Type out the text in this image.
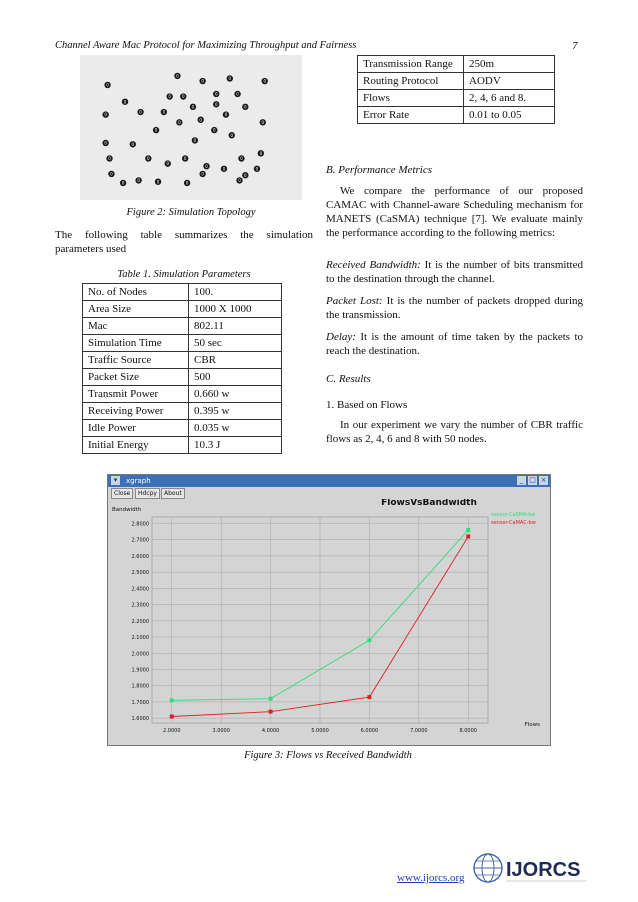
Channel Aware Mac Protocol for Maximizing Throughput and Fairness	7
0
0
0
0
0
0	0
0
0	0
0
0
0
0
0
0
0
0
0
0	0
0
0
0
0
0
0
0	0	0
0
0
0
0	0
0	0	0
0
0	0	0
0
Figure 2: Simulation Topology
The following table summarizes the simulation parameters used
Table 1. Simulation Parameters
No. of Nodes	100.
Area Size	1000 X 1000
Mac	802.11
Simulation Time	50 sec
Traffic Source	CBR
Packet Size	500
Transmit Power	0.660 w
Receiving Power	0.395 w
Idle Power	0.035 w
Initial Energy	10.3 J
Transmission Range	250m
Routing Protocol	AODV
Flows	2, 4, 6 and 8.
Error Rate	0.01 to 0.05
B. Performance Metrics
We compare the performance of our proposed CAMAC with Channel-aware Scheduling mechanism for MANETS (CaSMA) technique [7]. We evaluate mainly the performance according to the following metrics:
Received Bandwidth: It is the number of bits transmitted to the destination through the channel.
Packet Lost: It is the number of packets dropped during the transmission.
Delay: It is the amount of time taken by the packets to reach the destination.
C. Results
1. Based on Flows
In our experiment we vary the number of CBR traffic flows as 2, 4, 6 and 8 with 50 nodes.
▾	xgraph	_ □ ×
Close	Hdcpy	About
FlowsVsBandwidth
Bandwidth
Flows
1.6000
1.7000
1.8000
1.9000
2.0000
2.1000
2.2000
2.3000
2.4000
2.5000
2.6000
2.7000
2.8000
2.0000	3.0000	4.0000	5.0000	6.0000	7.0000	8.0000
sensor-CaSMA-bw
sensor-CaMAC-bw
Figure 3: Flows vs Received Bandwidth
www.ijorcs.org IJORCS
